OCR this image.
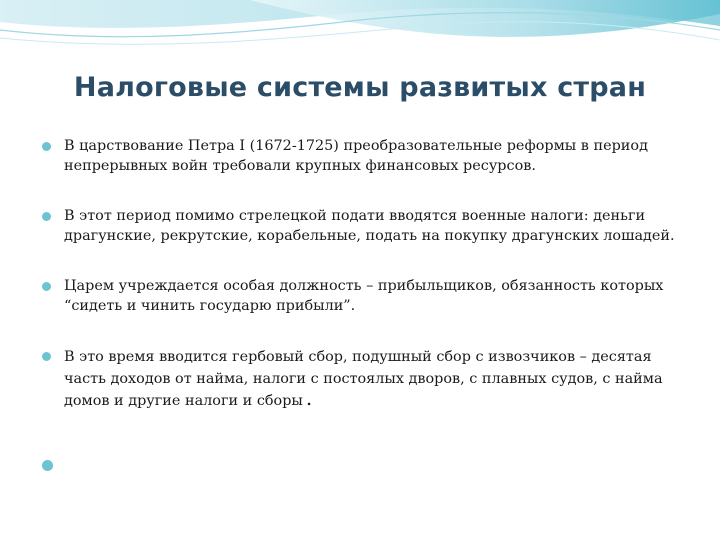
Налоговые системы развитых стран
В царствование Петра I (1672-1725) преобразовательные реформы в период непрерывных войн требовали крупных финансовых ресурсов.
В этот период помимо стрелецкой подати вводятся военные налоги: деньги драгунские, рекрутские, корабельные, подать на покупку драгунских лошадей.
Царем учреждается особая должность – прибыльщиков, обязанность которых “сидеть и чинить государю прибыли”.
В это время вводится гербовый сбор, подушный сбор с извозчиков – десятая часть доходов от найма, налоги с постоялых дворов, с плавных судов, с найма домов и другие налоги и сборы .
